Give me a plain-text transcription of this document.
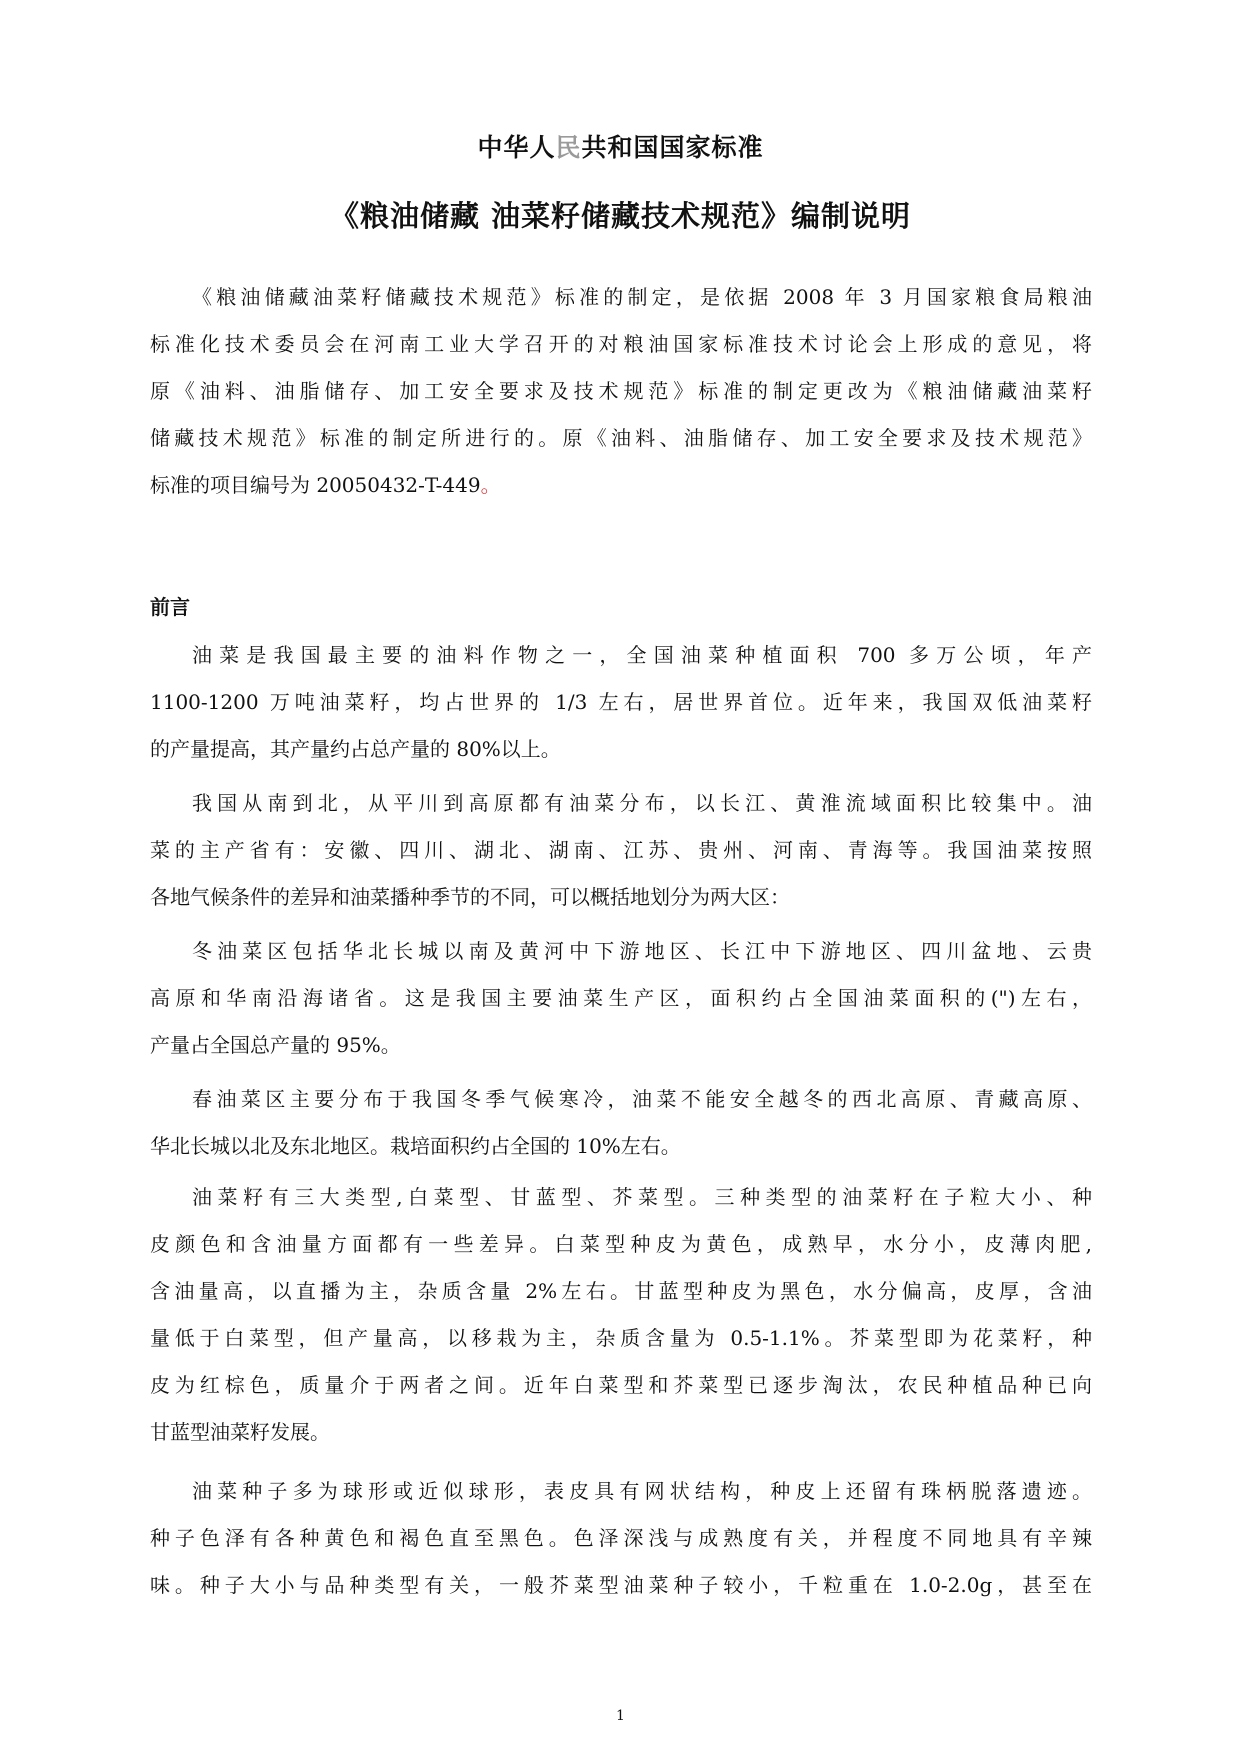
中华人民共和国国家标准
《粮油储藏 油菜籽储藏技术规范》编制说明

《粮油储藏油菜籽储藏技术规范》标准的制定，是依据 2008 年 3 月国家粮食局粮油
标准化技术委员会在河南工业大学召开的对粮油国家标准技术讨论会上形成的意见，将
原《油料、油脂储存、加工安全要求及技术规范》标准的制定更改为《粮油储藏油菜籽
储藏技术规范》标准的制定所进行的。原《油料、油脂储存、加工安全要求及技术规范》
标准的项目编号为 20050432-T-449。

前言

油菜是我国最主要的油料作物之一，全国油菜种植面积 700 多万公顷，年产
1100-1200 万吨油菜籽，均占世界的 1/3 左右，居世界首位。近年来，我国双低油菜籽
的产量提高，其产量约占总产量的 80%以上。

我国从南到北，从平川到高原都有油菜分布，以长江、黄淮流域面积比较集中。油
菜的主产省有：安徽、四川、湖北、湖南、江苏、贵州、河南、青海等。我国油菜按照
各地气候条件的差异和油菜播种季节的不同，可以概括地划分为两大区：

冬油菜区包括华北长城以南及黄河中下游地区、长江中下游地区、四川盆地、云贵
高原和华南沿海诸省。这是我国主要油菜生产区，面积约占全国油菜面积的(")左右，
产量占全国总产量的 95%。

春油菜区主要分布于我国冬季气候寒冷，油菜不能安全越冬的西北高原、青藏高原、
华北长城以北及东北地区。栽培面积约占全国的 10%左右。

油菜籽有三大类型,白菜型、甘蓝型、芥菜型。三种类型的油菜籽在子粒大小、种
皮颜色和含油量方面都有一些差异。白菜型种皮为黄色，成熟早，水分小，皮薄肉肥,
含油量高，以直播为主，杂质含量 2%左右。甘蓝型种皮为黑色，水分偏高，皮厚，含油
量低于白菜型，但产量高，以移栽为主，杂质含量为 0.5-1.1%。芥菜型即为花菜籽，种
皮为红棕色，质量介于两者之间。近年白菜型和芥菜型已逐步淘汰，农民种植品种已向
甘蓝型油菜籽发展。

油菜种子多为球形或近似球形，表皮具有网状结构，种皮上还留有珠柄脱落遗迹。
种子色泽有各种黄色和褐色直至黑色。色泽深浅与成熟度有关，并程度不同地具有辛辣
味。种子大小与品种类型有关，一般芥菜型油菜种子较小，千粒重在 1.0-2.0g，甚至在

1
